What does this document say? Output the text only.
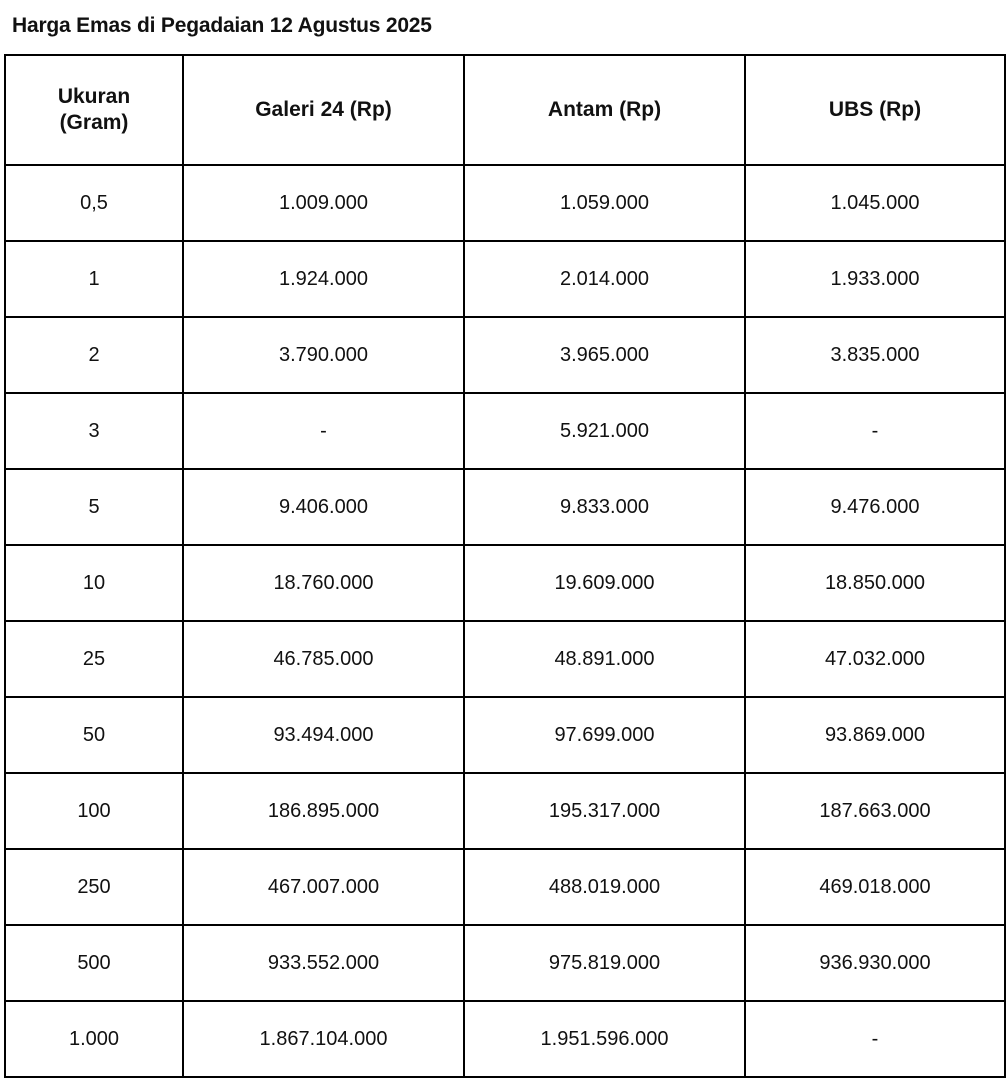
Harga Emas di Pegadaian 12 Agustus 2025
Ukuran
(Gram)	Galeri 24 (Rp)	Antam (Rp)	UBS (Rp)
0,5	1.009.000	1.059.000	1.045.000
1	1.924.000	2.014.000	1.933.000
2	3.790.000	3.965.000	3.835.000
3	-	5.921.000	-
5	9.406.000	9.833.000	9.476.000
10	18.760.000	19.609.000	18.850.000
25	46.785.000	48.891.000	47.032.000
50	93.494.000	97.699.000	93.869.000
100	186.895.000	195.317.000	187.663.000
250	467.007.000	488.019.000	469.018.000
500	933.552.000	975.819.000	936.930.000
1.000	1.867.104.000	1.951.596.000	-
